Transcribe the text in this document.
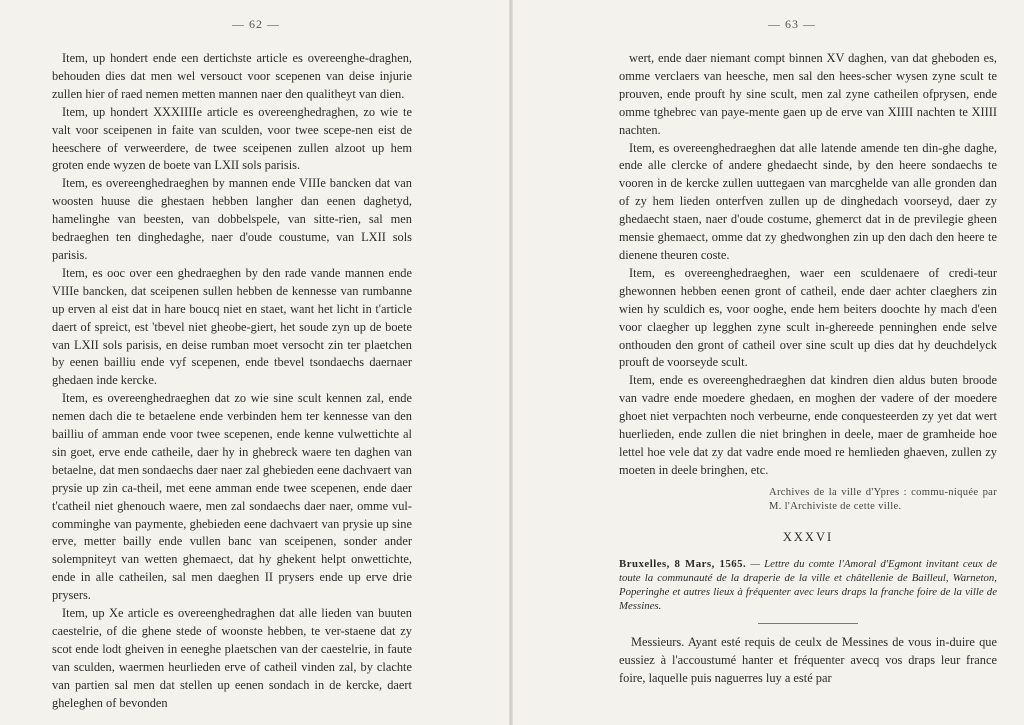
— 62 —

Item, up hondert ende een dertichste article es overeenghe-draghen, behouden dies dat men wel versouct voor scepenen van deise injurie zullen hier of raed nemen metten mannen naer den qualitheyt van dien.

Item, up hondert XXXIIIIe article es overeenghedraghen, zo wie te valt voor sceipenen in faite van sculden, voor twee scepe-nen eist de heeschere of verweerdere, de twee sceipenen zullen alzoot up hem groten ende wyzen de boete van LXII sols parisis.

Item, es overeenghedraeghen by mannen ende VIIIe bancken dat van woosten huuse die ghestaen hebben langher dan eenen daghetyd, hamelinghe van beesten, van dobbelspele, van sitte-rien, sal men bedraeghen ten dinghedaghe, naer d'oude coustume, van LXII sols parisis.

Item, es ooc over een ghedraeghen by den rade vande mannen ende VIIIe bancken, dat sceipenen sullen hebben de kennesse van rumbanne up erven al eist dat in hare boucq niet en staet, want het licht in t'article daert of spreict, est 'tbevel niet gheobe-giert, het soude zyn up de boete van LXII sols parisis, en deise rumban moet versocht zin ter plaetchen by eenen bailliu ende vyf scepenen, ende tbevel tsondaechs daernaer ghedaen inde kercke.

Item, es overeenghedraeghen dat zo wie sine scult kennen zal, ende nemen dach die te betaelene ende verbinden hem ter kennesse van den bailliu of amman ende voor twee scepenen, ende kenne vulwettichte al sin goet, erve ende catheile, daer hy in ghebreck waere ten daghen van betaelne, dat men sondaechs daer naer zal ghebieden eene dachvaert van prysie up zin ca-theil, met eene amman ende twee scepenen, ende daer t'catheil niet ghenouch waere, men zal sondaechs daer naer, omme vul-comminghe van paymente, ghebieden eene dachvaert van prysie up sine erve, metter bailly ende vullen banc van sceipenen, sonder ander solempniteyt van wetten ghemaect, dat hy ghekent helpt onwettichte, ende in alle catheilen, sal men daeghen II prysers ende up erve drie prysers.

Item, up Xe article es overeenghedraghen dat alle lieden van buuten caestelrie, of die ghene stede of woonste hebben, te ver-staene dat zy scot ende lodt gheiven in eeneghe plaetschen van der caestelrie, in faute van sculden, waermen heurlieden erve of catheil vinden zal, by clachte van partien sal men dat stellen up eenen sondach in de kercke, daert gheleghen of bevonden

— 63 —

wert, ende daer niemant compt binnen XV daghen, van dat gheboden es, omme verclaers van heesche, men sal den hees-scher wysen zyne scult te prouven, ende prouft hy sine scult, men zal zyne catheilen ofprysen, ende omme tghebrec van paye-mente gaen up de erve van XIIII nachten te XIIII nachten.

Item, es overeenghedraeghen dat alle latende amende ten din-ghe daghe, ende alle clercke of andere ghedaecht sinde, by den heere sondaechs te vooren in de kercke zullen uuttegaen van marcghelde van alle gronden dan of zy hem lieden onterfven zullen up de dinghedach voorseyd, daer zy ghedaecht staen, naer d'oude costume, ghemerct dat in de previlegie gheen mensie ghemaect, omme dat zy ghedwonghen zin up den dach den heere te dienene theuren coste.

Item, es overeenghedraeghen, waer een sculdenaere of credi-teur ghewonnen hebben eenen gront of catheil, ende daer achter claeghers zin wien hy sculdich es, voor ooghe, ende hem beiters doochte hy mach d'een voor claegher up legghen zyne scult in-ghereede penninghen ende selve onthouden den gront of catheil over sine scult up dies dat hy deuchdelyck prouft de voorseyde scult.

Item, ende es overeenghedraeghen dat kindren dien aldus buten broode van vadre ende moedere ghedaen, en moghen der vadere of der moedere ghoet niet verpachten noch verbeurne, ende conquesteerden zy yet dat wert huerlieden, ende zullen die niet bringhen in deele, maer de gramheide hoe lettel hoe vele dat zy dat vadre ende moed re hemlieden ghaeven, zullen zy moeten in deele bringhen, etc.

Archives de la ville d'Ypres : commu-niquée par M. l'Archiviste de cette ville.
XXXVI

Bruxelles, 8 Mars, 1565. — Lettre du comte l'Amoral d'Egmont invitant ceux de toute la communauté de la draperie de la ville et châtellenie de Bailleul, Warneton, Poperinghe et autres lieux à fréquenter avec leurs draps la franche foire de la ville de Messines.

Messieurs. Ayant esté requis de ceulx de Messines de vous in-duire que eussiez à l'accoustumé hanter et fréquenter avecq vos draps leur france foire, laquelle puis naguerres luy a esté par
